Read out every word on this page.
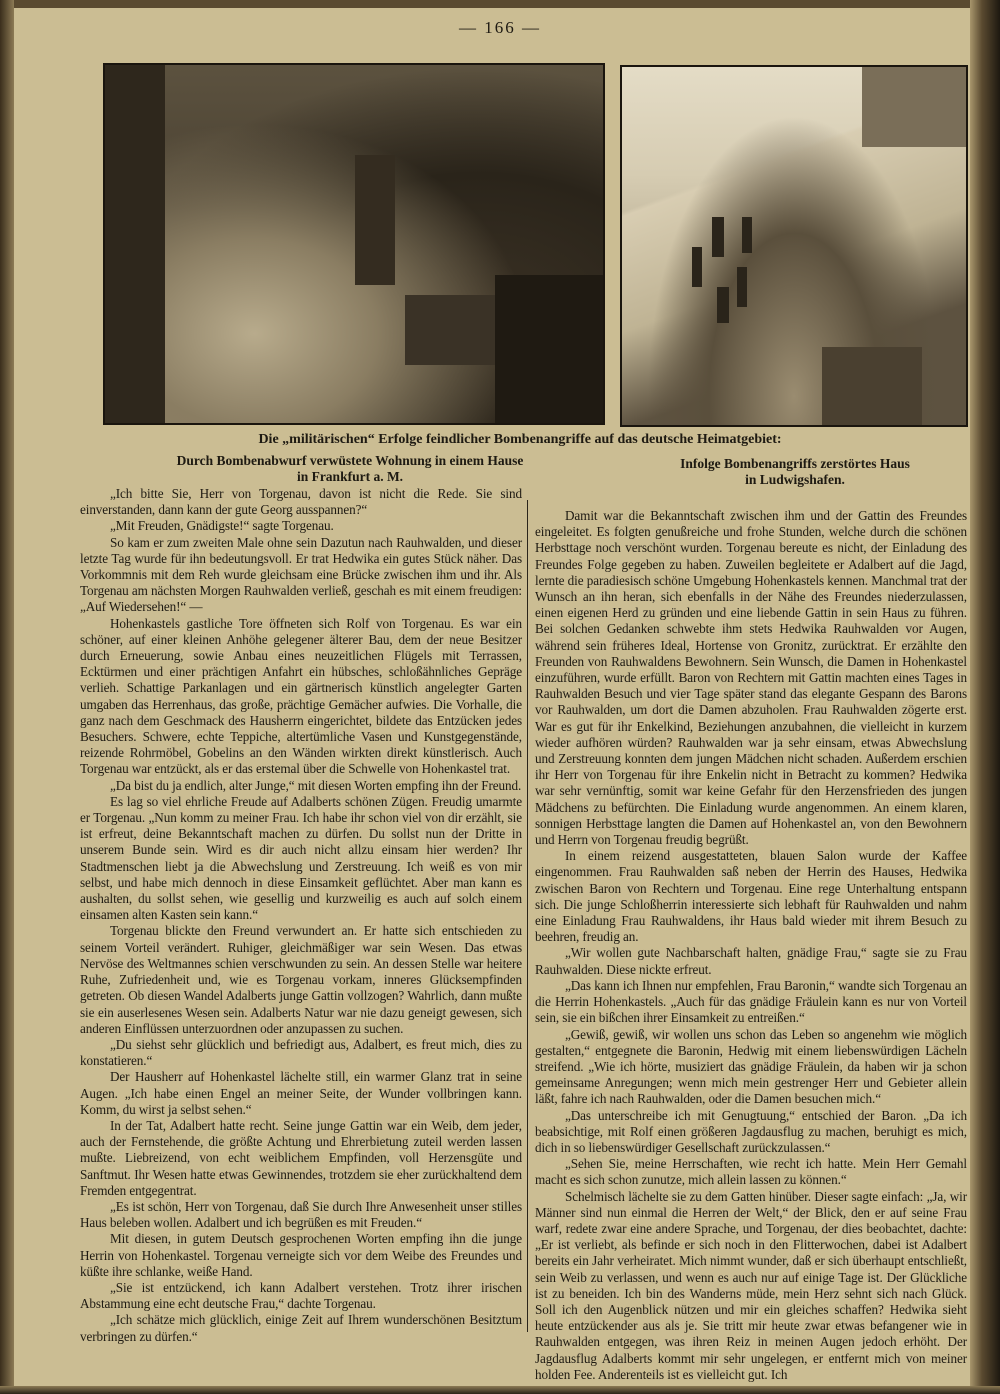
— 166 —
Die „militärischen“ Erfolge feindlicher Bombenangriffe auf das deutsche Heimatgebiet:
Durch Bombenabwurf verwüstete Wohnung in einem Hause
in Frankfurt a. M.
Infolge Bombenangriffs zerstörtes Haus
in Ludwigshafen.

„Ich bitte Sie, Herr von Torgenau, davon ist nicht die Rede. Sie sind einverstanden, dann kann der gute Georg ausspannen?“

„Mit Freuden, Gnädigste!“ sagte Torgenau.

So kam er zum zweiten Male ohne sein Dazutun nach Rauhwalden, und dieser letzte Tag wurde für ihn bedeutungsvoll. Er trat Hedwika ein gutes Stück näher. Das Vorkommnis mit dem Reh wurde gleichsam eine Brücke zwischen ihm und ihr. Als Torgenau am nächsten Morgen Rauhwalden verließ, geschah es mit einem freudigen: „Auf Wiedersehen!“ —

Hohenkastels gastliche Tore öffneten sich Rolf von Torgenau. Es war ein schöner, auf einer kleinen Anhöhe gelegener älterer Bau, dem der neue Besitzer durch Erneuerung, sowie Anbau eines neuzeitlichen Flügels mit Terrassen, Ecktürmen und einer prächtigen Anfahrt ein hübsches, schloßähnliches Gepräge verlieh. Schattige Parkanlagen und ein gärtnerisch künstlich angelegter Garten umgaben das Herrenhaus, das große, prächtige Gemächer aufwies. Die Vorhalle, die ganz nach dem Geschmack des Hausherrn eingerichtet, bildete das Entzücken jedes Besuchers. Schwere, echte Teppiche, altertümliche Vasen und Kunstgegenstände, reizende Rohrmöbel, Gobelins an den Wänden wirkten direkt künstlerisch. Auch Torgenau war entzückt, als er das erstemal über die Schwelle von Hohenkastel trat.

„Da bist du ja endlich, alter Junge,“ mit diesen Worten empfing ihn der Freund.

Es lag so viel ehrliche Freude auf Adalberts schönen Zügen. Freudig umarmte er Torgenau. „Nun komm zu meiner Frau. Ich habe ihr schon viel von dir erzählt, sie ist erfreut, deine Bekanntschaft machen zu dürfen. Du sollst nun der Dritte in unserem Bunde sein. Wird es dir auch nicht allzu einsam hier werden? Ihr Stadtmenschen liebt ja die Abwechslung und Zerstreuung. Ich weiß es von mir selbst, und habe mich dennoch in diese Einsamkeit geflüchtet. Aber man kann es aushalten, du sollst sehen, wie gesellig und kurzweilig es auch auf solch einem einsamen alten Kasten sein kann.“

Torgenau blickte den Freund verwundert an. Er hatte sich entschieden zu seinem Vorteil verändert. Ruhiger, gleichmäßiger war sein Wesen. Das etwas Nervöse des Weltmannes schien verschwunden zu sein. An dessen Stelle war heitere Ruhe, Zufriedenheit und, wie es Torgenau vorkam, inneres Glücksempfinden getreten. Ob diesen Wandel Adalberts junge Gattin vollzogen? Wahrlich, dann mußte sie ein auserlesenes Wesen sein. Adalberts Natur war nie dazu geneigt gewesen, sich anderen Einflüssen unterzuordnen oder anzupassen zu suchen.

„Du siehst sehr glücklich und befriedigt aus, Adalbert, es freut mich, dies zu konstatieren.“

Der Hausherr auf Hohenkastel lächelte still, ein warmer Glanz trat in seine Augen. „Ich habe einen Engel an meiner Seite, der Wunder vollbringen kann. Komm, du wirst ja selbst sehen.“

In der Tat, Adalbert hatte recht. Seine junge Gattin war ein Weib, dem jeder, auch der Fernstehende, die größte Achtung und Ehrerbietung zuteil werden lassen mußte. Liebreizend, von echt weiblichem Empfinden, voll Herzensgüte und Sanftmut. Ihr Wesen hatte etwas Gewinnendes, trotzdem sie eher zurückhaltend dem Fremden entgegentrat.

„Es ist schön, Herr von Torgenau, daß Sie durch Ihre Anwesenheit unser stilles Haus beleben wollen. Adalbert und ich begrüßen es mit Freuden.“

Mit diesen, in gutem Deutsch gesprochenen Worten empfing ihn die junge Herrin von Hohenkastel. Torgenau verneigte sich vor dem Weibe des Freundes und küßte ihre schlanke, weiße Hand.

„Sie ist entzückend, ich kann Adalbert verstehen. Trotz ihrer irischen Abstammung eine echt deutsche Frau,“ dachte Torgenau.

„Ich schätze mich glücklich, einige Zeit auf Ihrem wunderschönen Besitztum verbringen zu dürfen.“

Damit war die Bekanntschaft zwischen ihm und der Gattin des Freundes eingeleitet. Es folgten genußreiche und frohe Stunden, welche durch die schönen Herbsttage noch verschönt wurden. Torgenau bereute es nicht, der Einladung des Freundes Folge gegeben zu haben. Zuweilen begleitete er Adalbert auf die Jagd, lernte die paradiesisch schöne Umgebung Hohenkastels kennen. Manchmal trat der Wunsch an ihn heran, sich ebenfalls in der Nähe des Freundes niederzulassen, einen eigenen Herd zu gründen und eine liebende Gattin in sein Haus zu führen. Bei solchen Gedanken schwebte ihm stets Hedwika Rauhwalden vor Augen, während sein früheres Ideal, Hortense von Gronitz, zurücktrat. Er erzählte den Freunden von Rauhwaldens Bewohnern. Sein Wunsch, die Damen in Hohenkastel einzuführen, wurde erfüllt. Baron von Rechtern mit Gattin machten eines Tages in Rauhwalden Besuch und vier Tage später stand das elegante Gespann des Barons vor Rauhwalden, um dort die Damen abzuholen. Frau Rauhwalden zögerte erst. War es gut für ihr Enkelkind, Beziehungen anzubahnen, die vielleicht in kurzem wieder aufhören würden? Rauhwalden war ja sehr einsam, etwas Abwechslung und Zerstreuung konnten dem jungen Mädchen nicht schaden. Außerdem erschien ihr Herr von Torgenau für ihre Enkelin nicht in Betracht zu kommen? Hedwika war sehr vernünftig, somit war keine Gefahr für den Herzensfrieden des jungen Mädchens zu befürchten. Die Einladung wurde angenommen. An einem klaren, sonnigen Herbsttage langten die Damen auf Hohenkastel an, von den Bewohnern und Herrn von Torgenau freudig begrüßt.

In einem reizend ausgestatteten, blauen Salon wurde der Kaffee eingenommen. Frau Rauhwalden saß neben der Herrin des Hauses, Hedwika zwischen Baron von Rechtern und Torgenau. Eine rege Unterhaltung entspann sich. Die junge Schloßherrin interessierte sich lebhaft für Rauhwalden und nahm eine Einladung Frau Rauhwaldens, ihr Haus bald wieder mit ihrem Besuch zu beehren, freudig an.

„Wir wollen gute Nachbarschaft halten, gnädige Frau,“ sagte sie zu Frau Rauhwalden. Diese nickte erfreut.

„Das kann ich Ihnen nur empfehlen, Frau Baronin,“ wandte sich Torgenau an die Herrin Hohenkastels. „Auch für das gnädige Fräulein kann es nur von Vorteil sein, sie ein bißchen ihrer Einsamkeit zu entreißen.“

„Gewiß, gewiß, wir wollen uns schon das Leben so angenehm wie möglich gestalten,“ entgegnete die Baronin, Hedwig mit einem liebenswürdigen Lächeln streifend. „Wie ich hörte, musiziert das gnädige Fräulein, da haben wir ja schon gemeinsame Anregungen; wenn mich mein gestrenger Herr und Gebieter allein läßt, fahre ich nach Rauhwalden, oder die Damen besuchen mich.“

„Das unterschreibe ich mit Genugtuung,“ entschied der Baron. „Da ich beabsichtige, mit Rolf einen größeren Jagdausflug zu machen, beruhigt es mich, dich in so liebenswürdiger Gesellschaft zurückzulassen.“

„Sehen Sie, meine Herrschaften, wie recht ich hatte. Mein Herr Gemahl macht es sich schon zunutze, mich allein lassen zu können.“

Schelmisch lächelte sie zu dem Gatten hinüber. Dieser sagte einfach: „Ja, wir Männer sind nun einmal die Herren der Welt,“ der Blick, den er auf seine Frau warf, redete zwar eine andere Sprache, und Torgenau, der dies beobachtet, dachte: „Er ist verliebt, als befinde er sich noch in den Flitterwochen, dabei ist Adalbert bereits ein Jahr verheiratet. Mich nimmt wunder, daß er sich überhaupt entschließt, sein Weib zu verlassen, und wenn es auch nur auf einige Tage ist. Der Glückliche ist zu beneiden. Ich bin des Wanderns müde, mein Herz sehnt sich nach Glück. Soll ich den Augenblick nützen und mir ein gleiches schaffen? Hedwika sieht heute entzückender aus als je. Sie tritt mir heute zwar etwas befangener wie in Rauhwalden entgegen, was ihren Reiz in meinen Augen jedoch erhöht. Der Jagdausflug Adalberts kommt mir sehr ungelegen, er entfernt mich von meiner holden Fee. Anderenteils ist es vielleicht gut. Ich
